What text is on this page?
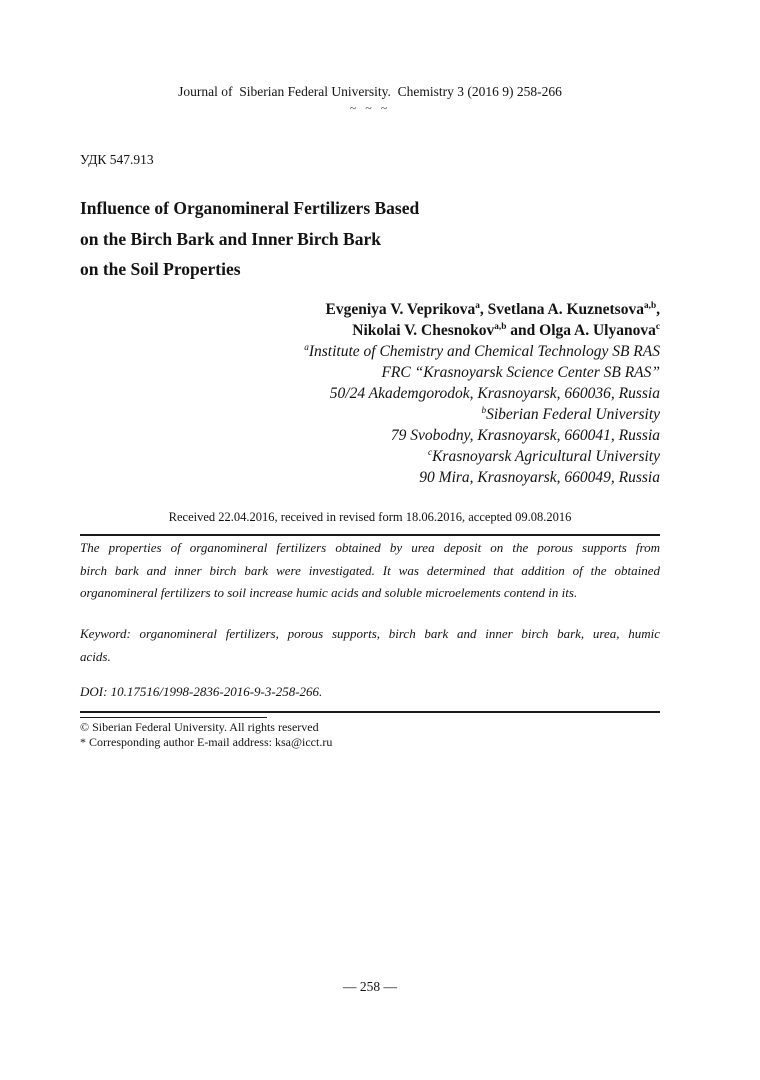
Journal of  Siberian Federal University.  Chemistry 3 (2016 9) 258-266
~ ~ ~
УДК 547.913
Influence of Organomineral Fertilizers Based
on the Birch Bark and Inner Birch Bark
on the Soil Properties
Evgeniya V. Veprikova$^a$, Svetlana A. Kuznetsova$^{a,b}$,
Nikolai V. Chesnokov$^{a,b}$ and Olga A. Ulyanova$^c$
$^a$Institute of Chemistry and Chemical Technology SB RAS
FRC “Krasnoyarsk Science Center SB RAS”
50/24 Akademgorodok, Krasnoyarsk, 660036, Russia
$^b$Siberian Federal University
79 Svobodny, Krasnoyarsk, 660041, Russia
$^c$Krasnoyarsk Agricultural University
90 Mira, Krasnoyarsk, 660049, Russia
Received 22.04.2016, received in revised form 18.06.2016, accepted 09.08.2016
The properties of organomineral fertilizers obtained by urea deposit on the porous supports from
birch bark and inner birch bark were investigated. It was determined that addition of the obtained
organomineral fertilizers to soil increase humic acids and soluble microelements contend in its.
Keyword: organomineral fertilizers, porous supports, birch bark and inner birch bark, urea, humic
acids.
DOI: 10.17516/1998-2836-2016-9-3-258-266.
© Siberian Federal University. All rights reserved
* Corresponding author E-mail address: ksa@icct.ru
— 258 —
